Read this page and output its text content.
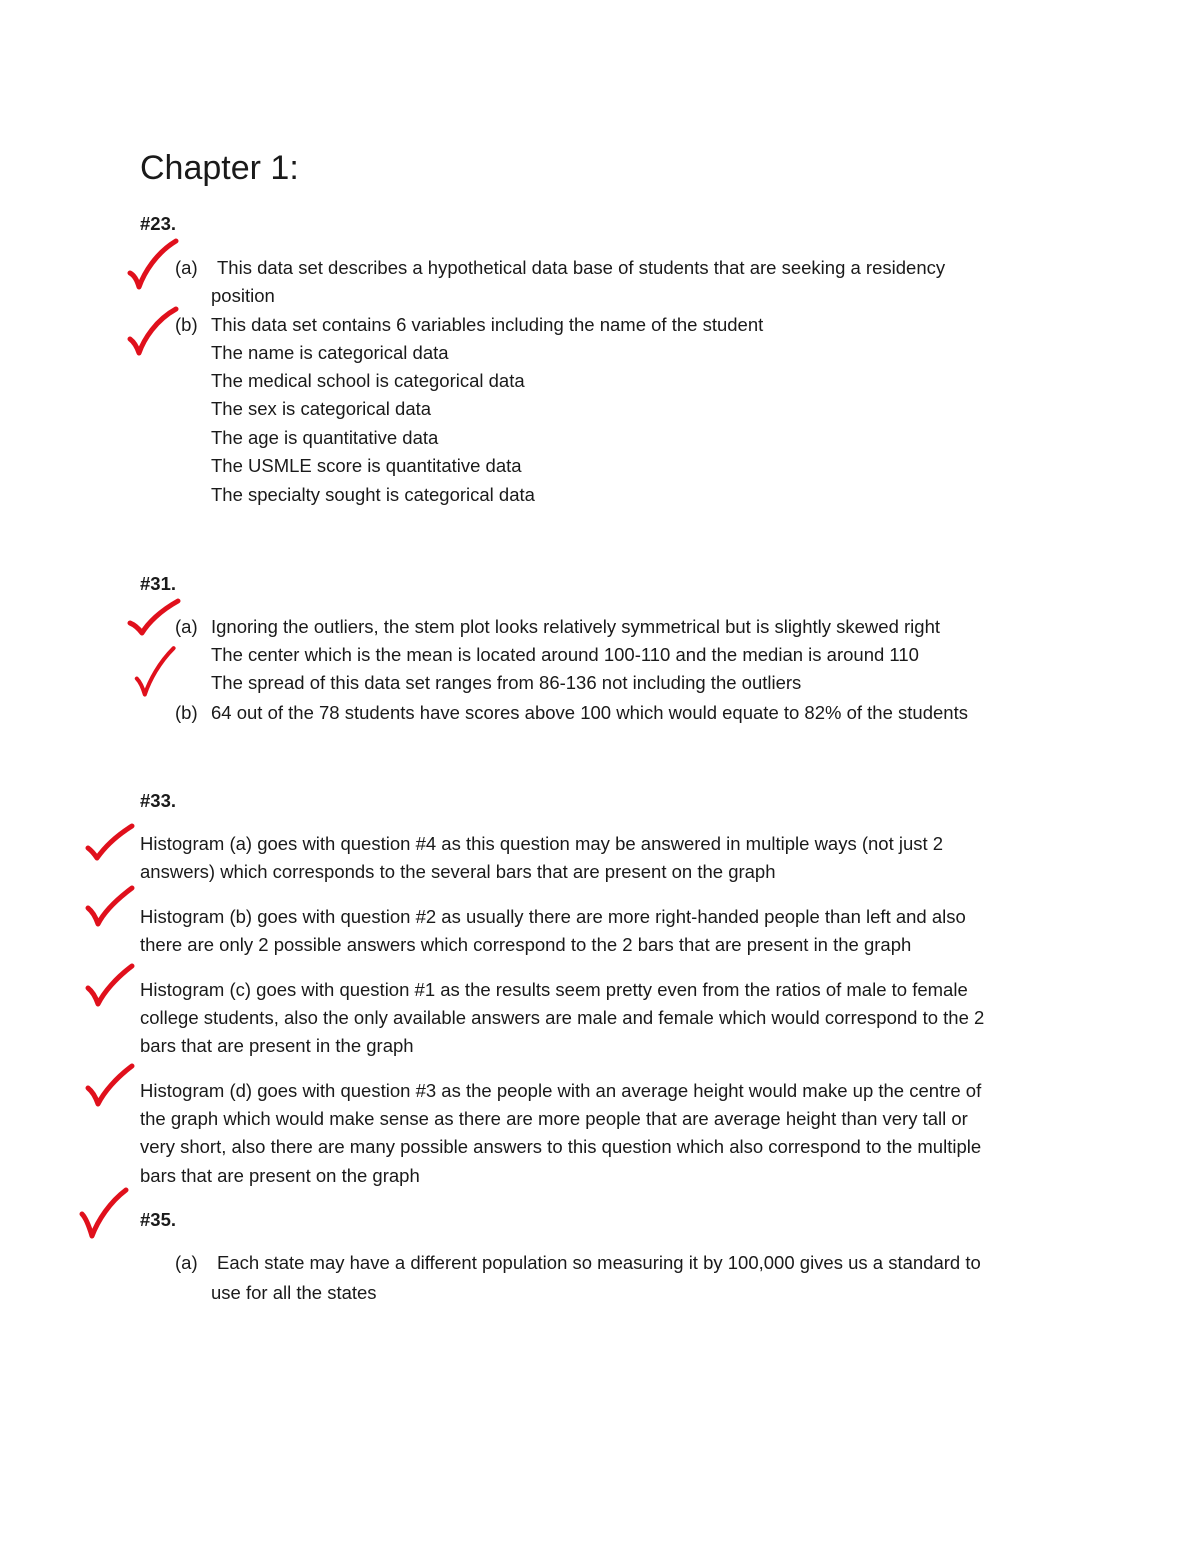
Chapter 1:
#23.
(a) This data set describes a hypothetical data base of students that are seeking a residency
position
(b) This data set contains 6 variables including the name of the student
The name is categorical data
The medical school is categorical data
The sex is categorical data
The age is quantitative data
The USMLE score is quantitative data
The specialty sought is categorical data
#31.
(a) Ignoring the outliers, the stem plot looks relatively symmetrical but is slightly skewed right
The center which is the mean is located around 100-110 and the median is around 110
The spread of this data set ranges from 86-136 not including the outliers
(b) 64 out of the 78 students have scores above 100 which would equate to 82% of the students
#33.
Histogram (a) goes with question #4 as this question may be answered in multiple ways (not just 2
answers) which corresponds to the several bars that are present on the graph
Histogram (b) goes with question #2 as usually there are more right-handed people than left and also
there are only 2 possible answers which correspond to the 2 bars that are present in the graph
Histogram (c) goes with question #1 as the results seem pretty even from the ratios of male to female
college students, also the only available answers are male and female which would correspond to the 2
bars that are present in the graph
Histogram (d) goes with question #3 as the people with an average height would make up the centre of
the graph which would make sense as there are more people that are average height than very tall or
very short, also there are many possible answers to this question which also correspond to the multiple
bars that are present on the graph
#35.
(a) Each state may have a different population so measuring it by 100,000 gives us a standard to
use for all the states
